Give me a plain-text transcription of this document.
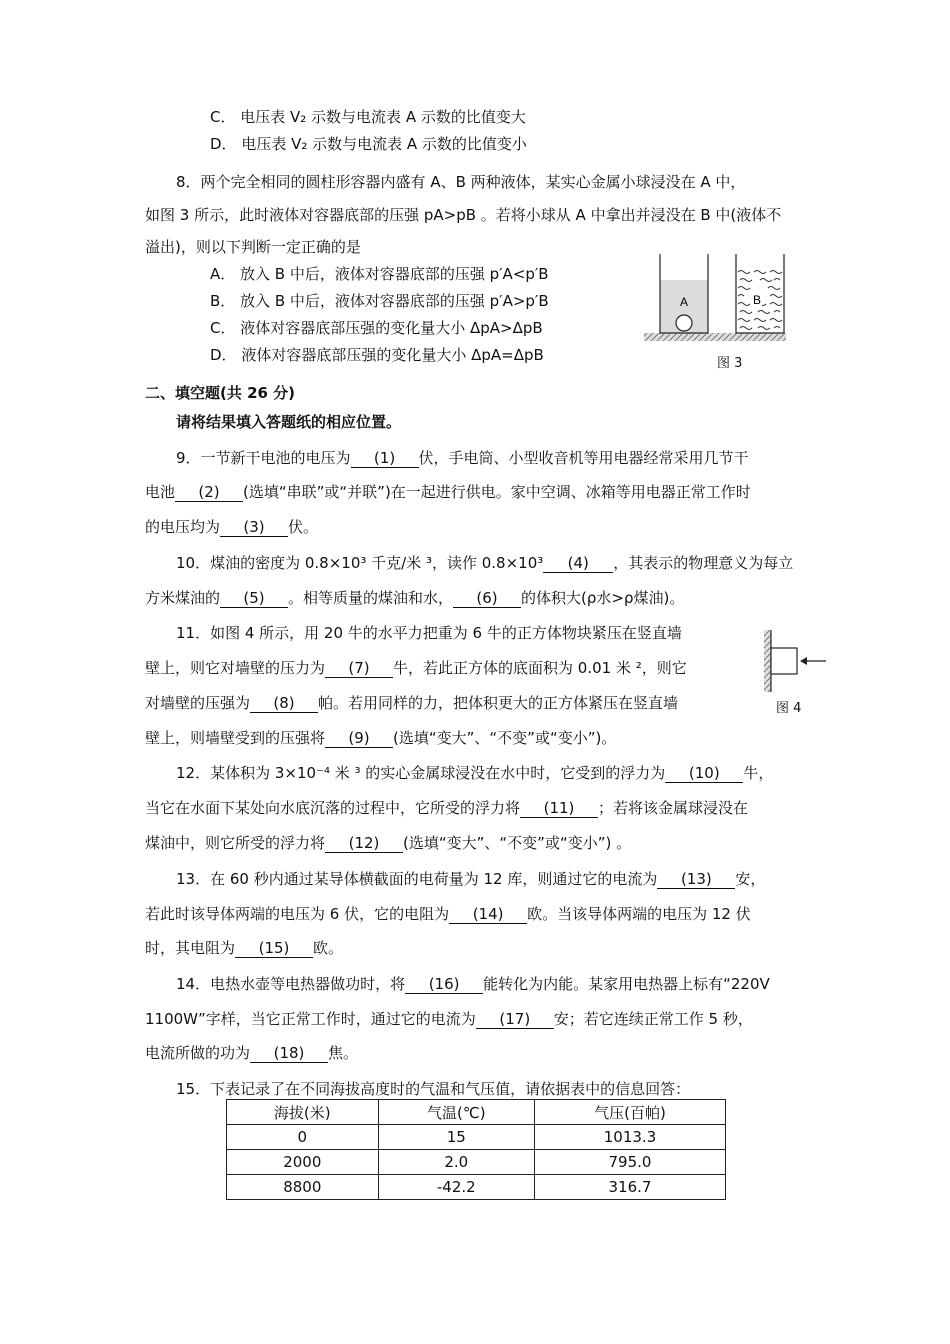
C． 电压表 V₂ 示数与电流表 A 示数的比值变大
D． 电压表 V₂ 示数与电流表 A 示数的比值变小
8．两个完全相同的圆柱形容器内盛有 A、B 两种液体，某实心金属小球浸没在 A 中，
如图 3 所示，此时液体对容器底部的压强 pA>pB 。若将小球从 A 中拿出并浸没在 B 中(液体不
溢出)，则以下判断一定正确的是
A． 放入 B 中后，液体对容器底部的压强 p′A<p′B
B． 放入 B 中后，液体对容器底部的压强 p′A>p′B
C． 液体对容器底部压强的变化量大小 ΔpA>ΔpB
D． 液体对容器底部压强的变化量大小 ΔpA=ΔpB
A	B
图 3
二、填空题(共 26 分)
请将结果填入答题纸的相应位置。
9．一节新干电池的电压为 (1) 伏，手电筒、小型收音机等用电器经常采用几节干
电池 (2) (选填“串联”或“并联”)在一起进行供电。家中空调、冰箱等用电器正常工作时
的电压均为 (3) 伏。
10．煤油的密度为 0.8×10³ 千克/米 ³，读作 0.8×10³ (4) ，其表示的物理意义为每立
方米煤油的 (5) 。相等质量的煤油和水， (6) 的体积大(ρ水>ρ煤油)。
11．如图 4 所示，用 20 牛的水平力把重为 6 牛的正方体物块紧压在竖直墙
壁上，则它对墙壁的压力为 (7) 牛，若此正方体的底面积为 0.01 米 ²，则它
对墙壁的压强为 (8) 帕。若用同样的力，把体积更大的正方体紧压在竖直墙
壁上，则墙壁受到的压强将 (9) (选填“变大”、“不变”或“变小”)。
图 4
12．某体积为 3×10⁻⁴ 米 ³ 的实心金属球浸没在水中时，它受到的浮力为 (10) 牛，
当它在水面下某处向水底沉落的过程中，它所受的浮力将 (11) ；若将该金属球浸没在
煤油中，则它所受的浮力将 (12) (选填“变大”、“不变”或“变小”) 。
13．在 60 秒内通过某导体横截面的电荷量为 12 库，则通过它的电流为 (13) 安，
若此时该导体两端的电压为 6 伏，它的电阻为 (14) 欧。当该导体两端的电压为 12 伏
时，其电阻为 (15) 欧。
14．电热水壶等电热器做功时，将 (16) 能转化为内能。某家用电热器上标有“220V
1100W”字样，当它正常工作时，通过它的电流为 (17) 安；若它连续正常工作 5 秒，
电流所做的功为 (18) 焦。
15．下表记录了在不同海拔高度时的气温和气压值，请依据表中的信息回答：
海拔(米)	气温(℃)	气压(百帕)
0	15	1013.3
2000	2.0	795.0
8800	-42.2	316.7
